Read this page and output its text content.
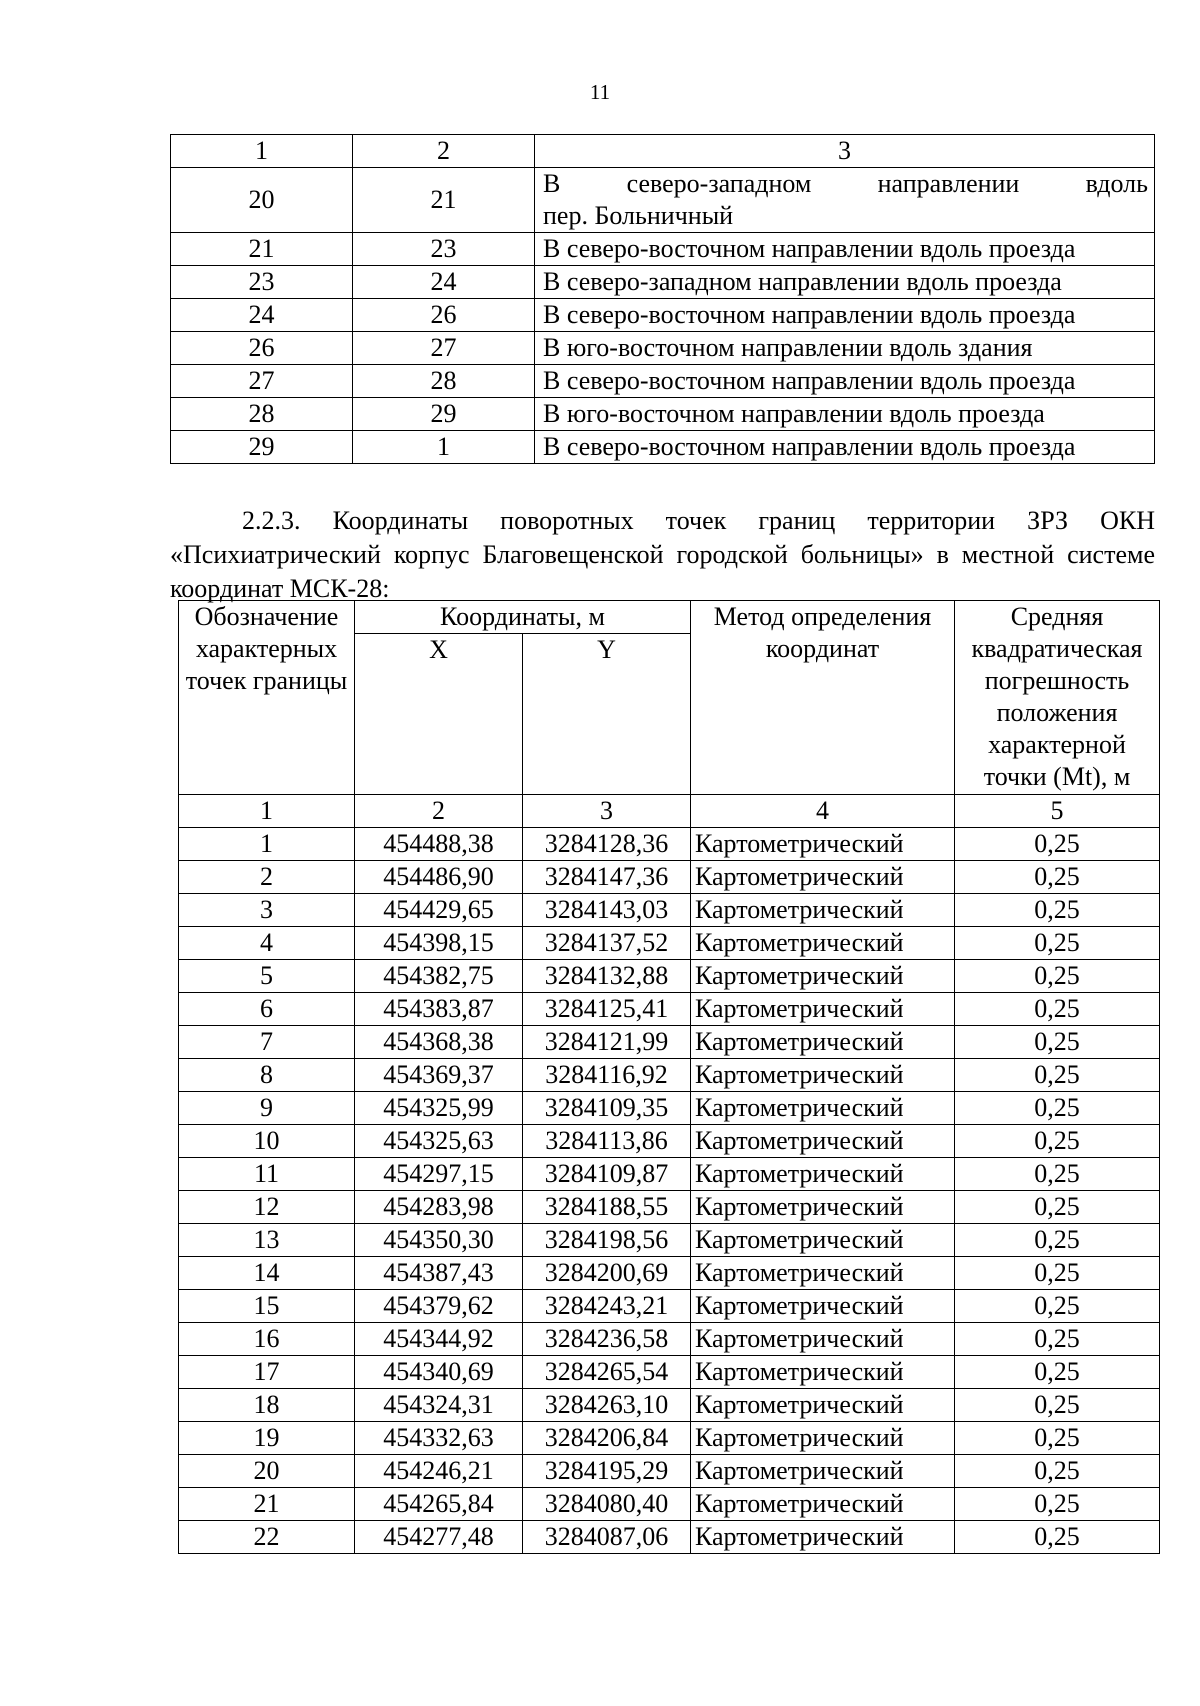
11
1	2	3
20	21	В северо-западном направлении вдоль
пер. Больничный

21	23	В северо-восточном направлении вдоль проезда
23	24	В северо-западном направлении вдоль проезда
24	26	В северо-восточном направлении вдоль проезда
26	27	В юго-восточном направлении вдоль здания
27	28	В северо-восточном направлении вдоль проезда
28	29	В юго-восточном направлении вдоль проезда
29	1	В северо-восточном направлении вдоль проезда

2.2.3. Координаты поворотных точек границ территории ЗРЗ ОКН «Психиатрический корпус Благовещенской городской больницы» в местной системе координат МСК-28:

Обозначение характерных точек границы	Координаты, м		Метод определения координат	Средняя квадратическая погрешность положения характерной точки (Mt), м
	X	Y		
1	2	3	4	5
1	454488,38	3284128,36	Картометрический	0,25
2	454486,90	3284147,36	Картометрический	0,25
3	454429,65	3284143,03	Картометрический	0,25
4	454398,15	3284137,52	Картометрический	0,25
5	454382,75	3284132,88	Картометрический	0,25
6	454383,87	3284125,41	Картометрический	0,25
7	454368,38	3284121,99	Картометрический	0,25
8	454369,37	3284116,92	Картометрический	0,25
9	454325,99	3284109,35	Картометрический	0,25
10	454325,63	3284113,86	Картометрический	0,25
11	454297,15	3284109,87	Картометрический	0,25
12	454283,98	3284188,55	Картометрический	0,25
13	454350,30	3284198,56	Картометрический	0,25
14	454387,43	3284200,69	Картометрический	0,25
15	454379,62	3284243,21	Картометрический	0,25
16	454344,92	3284236,58	Картометрический	0,25
17	454340,69	3284265,54	Картометрический	0,25
18	454324,31	3284263,10	Картометрический	0,25
19	454332,63	3284206,84	Картометрический	0,25
20	454246,21	3284195,29	Картометрический	0,25
21	454265,84	3284080,40	Картометрический	0,25
22	454277,48	3284087,06	Картометрический	0,25
